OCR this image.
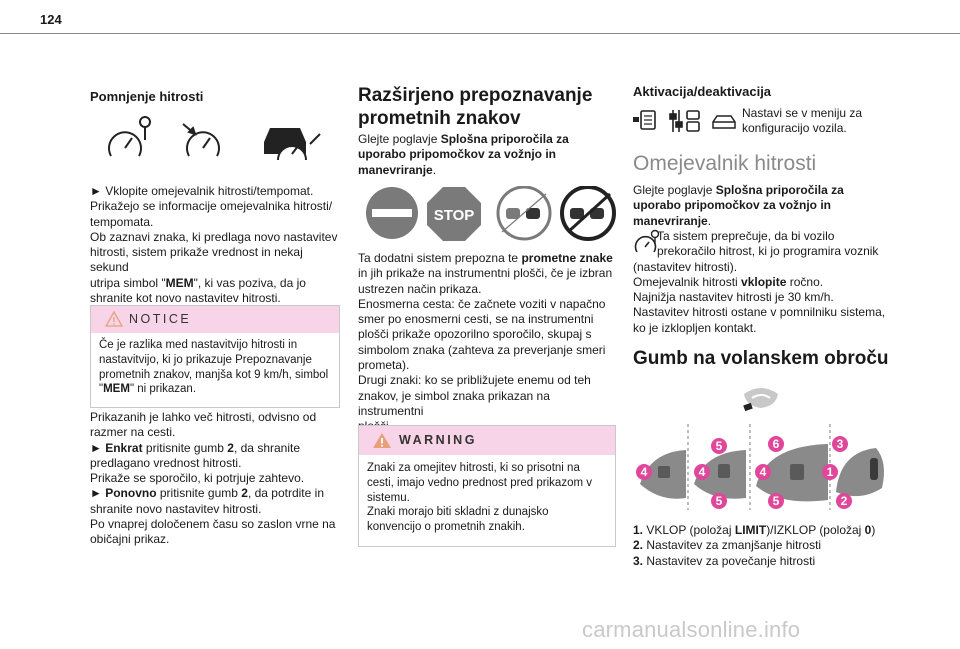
124
Pomnjenje hitrosti
► Vklopite omejevalnik hitrosti/tempomat.
Prikažejo se informacije omejevalnika hitrosti/
tempomata.
Ob zaznavi znaka, ki predlaga novo nastavitev
hitrosti, sistem prikaže vrednost in nekaj sekund
utripa simbol "MEM", ki vas poziva, da jo
shranite kot novo nastavitev hitrosti.
NOTICE
Če je razlika med nastavitvijo hitrosti in
nastavitvijo, ki jo prikazuje Prepoznavanje
prometnih znakov, manjša kot 9 km/h, simbol
"MEM" ni prikazan.
Prikazanih je lahko več hitrosti, odvisno od
razmer na cesti.
► Enkrat pritisnite gumb 2, da shranite
predlagano vrednost hitrosti.
Prikaže se sporočilo, ki potrjuje zahtevo.
► Ponovno pritisnite gumb 2, da potrdite in
shranite novo nastavitev hitrosti.
Po vnaprej določenem času so zaslon vrne na
običajni prikaz.
Razširjeno prepoznavanje
prometnih znakov
Glejte poglavje Splošna priporočila za
uporabo pripomočkov za vožnjo in
manevriranje.
STOP
Ta dodatni sistem prepozna te prometne znake
in jih prikaže na instrumentni plošči, če je izbran
ustrezen način prikaza.
Enosmerna cesta: če začnete voziti v napačno
smer po enosmerni cesti, se na instrumentni
plošči prikaže opozorilno sporočilo, skupaj s
simbolom znaka (zahteva za preverjanje smeri
prometa).
Drugi znaki: ko se približujete enemu od teh
znakov, je simbol znaka prikazan na instrumentni
WARNING
Znaki za omejitev hitrosti, ki so prisotni na
cesti, imajo vedno prednost pred prikazom v
sistemu.
Znaki morajo biti skladni z dunajsko
konvencijo o prometnih znakih.
Aktivacija/deaktivacija
Nastavi se v meniju za
konfiguracijo vozila.
Omejevalnik hitrosti
Glejte poglavje Splošna priporočila za
uporabo pripomočkov za vožnjo in
manevriranje.
Ta sistem preprečuje, da bi vozilo
prekoračilo hitrost, ki jo programira voznik
(nastavitev hitrosti).
Omejevalnik hitrosti vklopite ročno.
Najnižja nastavitev hitrosti je 30 km/h.
Nastavitev hitrosti ostane v pomnilniku sistema,
ko je izklopljen kontakt.
Gumb na volanskem obroču
4
5
4
5
4
6	3
1
5	2
1. VKLOP (položaj LIMIT)/IZKLOP (položaj 0)
2. Nastavitev za zmanjšanje hitrosti
3. Nastavitev za povečanje hitrosti
carmanualsonline.info
